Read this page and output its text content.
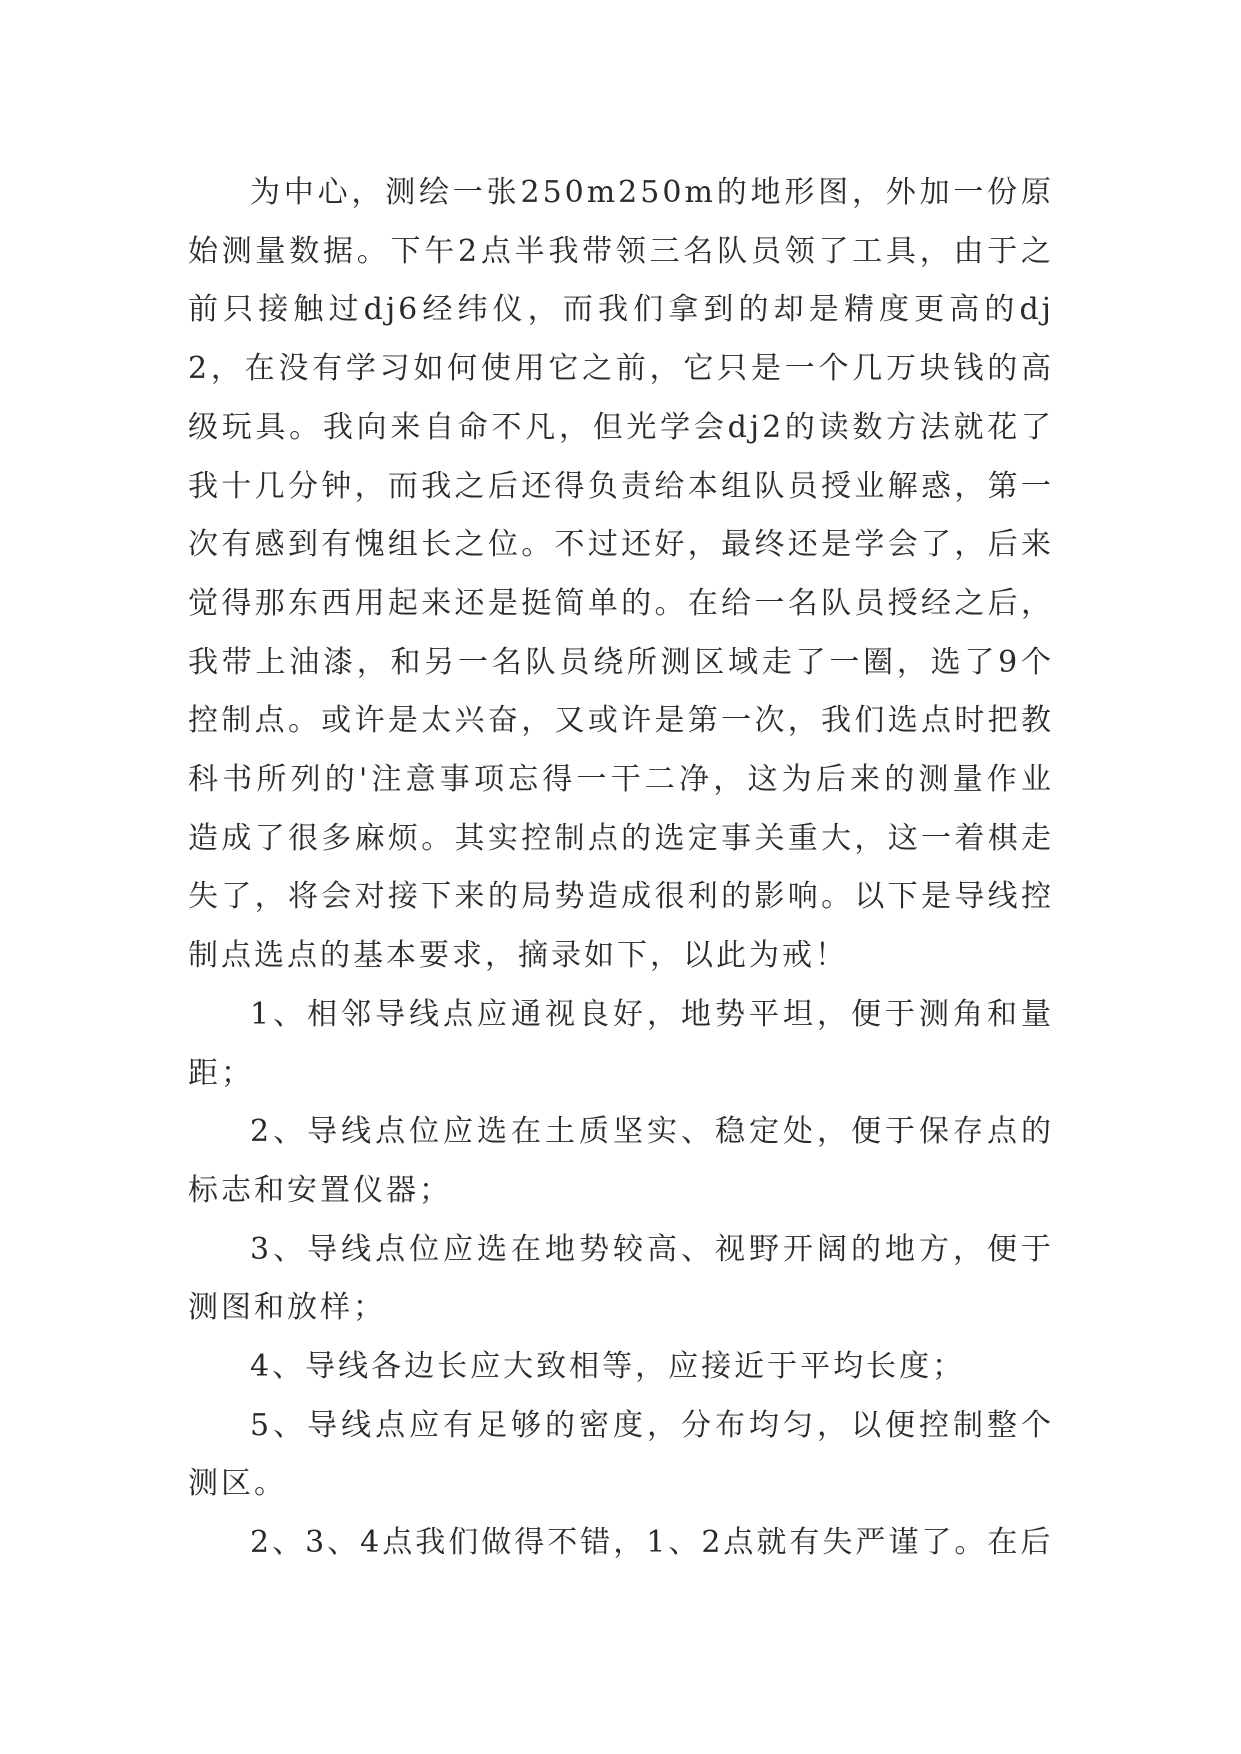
为中心，测绘一张250m250m的地形图，外加一份原始测量数据。下午2点半我带领三名队员领了工具，由于之前只接触过dj6经纬仪，而我们拿到的却是精度更高的dj2，在没有学习如何使用它之前，它只是一个几万块钱的高级玩具。我向来自命不凡，但光学会dj2的读数方法就花了我十几分钟，而我之后还得负责给本组队员授业解惑，第一次有感到有愧组长之位。不过还好，最终还是学会了，后来觉得那东西用起来还是挺简单的。在给一名队员授经之后，我带上油漆，和另一名队员绕所测区域走了一圈，选了9个控制点。或许是太兴奋，又或许是第一次，我们选点时把教科书所列的'注意事项忘得一干二净，这为后来的测量作业造成了很多麻烦。其实控制点的选定事关重大，这一着棋走失了，将会对接下来的局势造成很利的影响。以下是导线控制点选点的基本要求，摘录如下，以此为戒！

1、相邻导线点应通视良好，地势平坦，便于测角和量距；

2、导线点位应选在土质坚实、稳定处，便于保存点的标志和安置仪器；

3、导线点位应选在地势较高、视野开阔的地方，便于测图和放样；

4、导线各边长应大致相等，应接近于平均长度；

5、导线点应有足够的密度，分布均匀，以便控制整个测区。

2、3、4点我们做得不错，1、2点就有失严谨了。在后
